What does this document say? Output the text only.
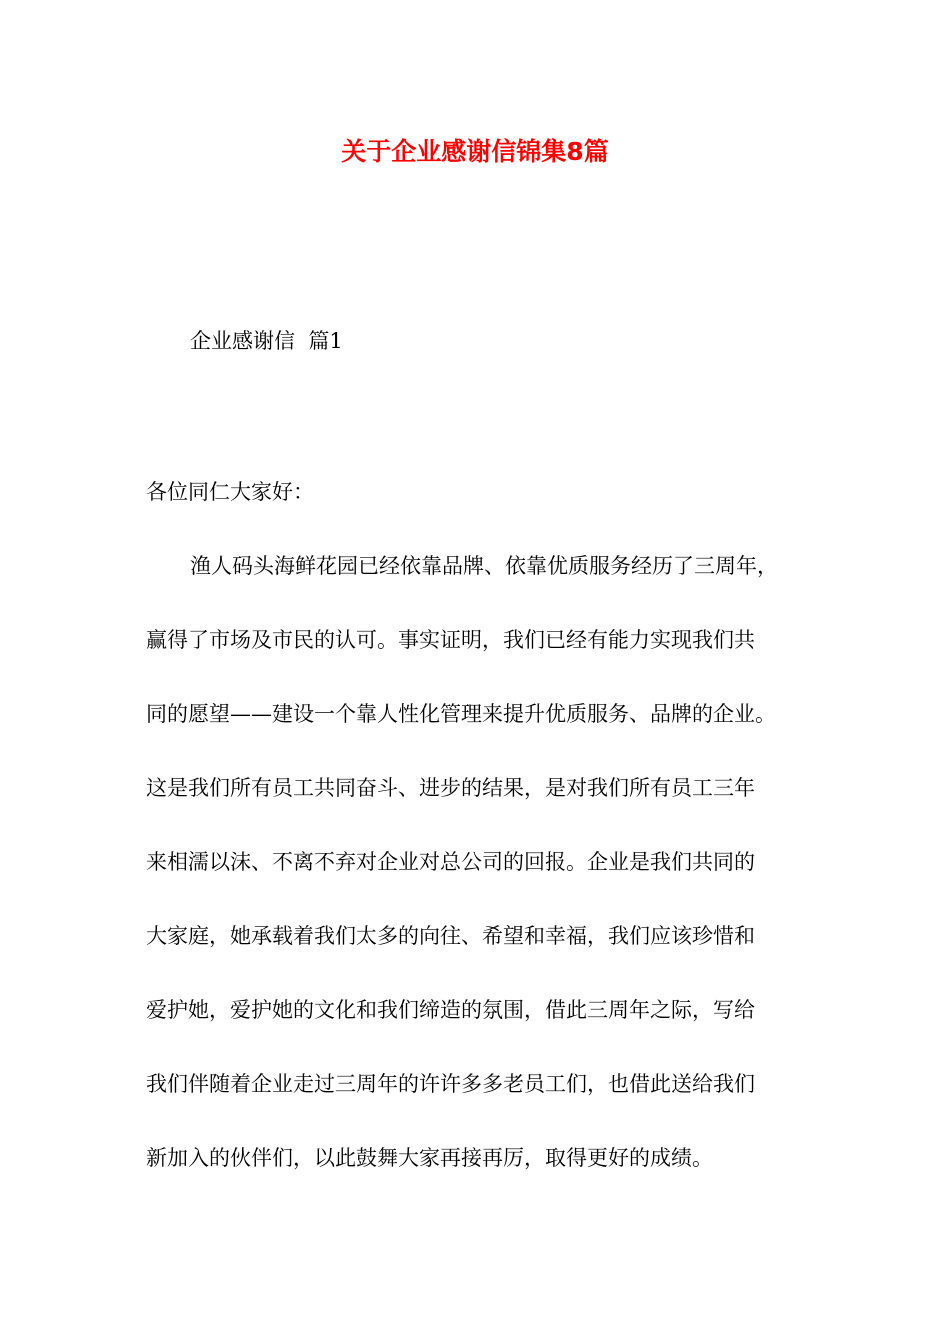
关于企业感谢信锦集8篇
企业感谢信  篇1
各位同仁大家好：
渔人码头海鲜花园已经依靠品牌、依靠优质服务经历了三周年，
赢得了市场及市民的认可。事实证明，我们已经有能力实现我们共
同的愿望——建设一个靠人性化管理来提升优质服务、品牌的企业。
这是我们所有员工共同奋斗、进步的结果，是对我们所有员工三年
来相濡以沫、不离不弃对企业对总公司的回报。企业是我们共同的
大家庭，她承载着我们太多的向往、希望和幸福，我们应该珍惜和
爱护她，爱护她的文化和我们缔造的氛围，借此三周年之际，写给
我们伴随着企业走过三周年的许许多多老员工们，也借此送给我们
新加入的伙伴们，以此鼓舞大家再接再厉，取得更好的成绩。
